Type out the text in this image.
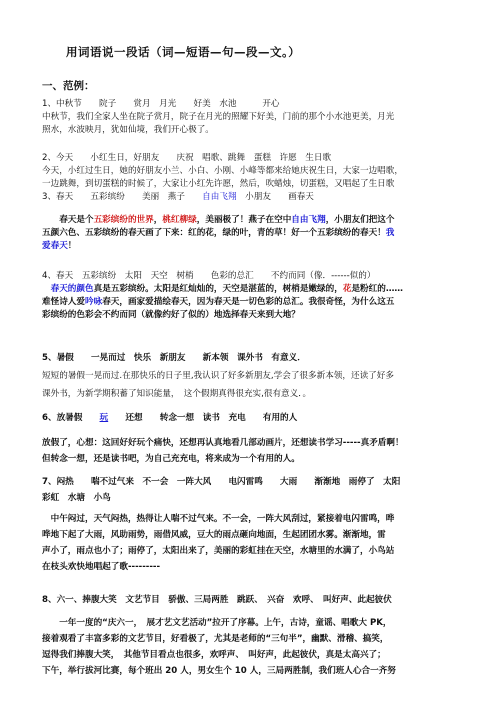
用词语说一段话（词—短语—句—段—文。）
一、范例：
1、中秋节　　院子　　赏月　月光　　好美　水池　　　开心
中秋节，我们全家人坐在院子赏月，院子在月光的照耀下好美，门前的那个小水池更美，月光
照水，水波映月，犹如仙境，我们开心极了。
2、今天　　小红生日，好朋友　　庆祝　唱歌、跳舞　蛋糕　许愿　生日歌
今天，小红过生日，她的好朋友小兰、小白、小刚、小峰等都来给她庆祝生日，大家一边唱歌，
一边跳舞，到切蛋糕的时候了，大家让小红先许愿，然后，吹蜡烛，切蛋糕，又唱起了生日歌
3、春天　　五彩缤纷　　美丽　燕子　　自由飞翔　小朋友　　画春天
　　春天是个五彩缤纷的世界，桃红柳绿，美丽极了！燕子在空中自由飞翔，小朋友们把这个
五颜六色、五彩缤纷的春天画了下来：红的花，绿的叶，青的草！好一个五彩缤纷的春天！我
爱春天！
4、春天　五彩缤纷　太阳　天空　树梢　　色彩的总汇　　不约而同（像．------似的）
　春天的颜色真是五彩缤纷。太阳是红灿灿的，天空是湛蓝的，树梢是嫩绿的，花是粉红的……
难怪诗人爱吟咏春天，画家爱描绘春天，因为春天是一切色彩的总汇。我很奇怪，为什么这五
彩缤纷的色彩会不约而同（就像约好了似的）地选择春天来到大地？
5、暑假　　一晃而过　快乐　新朋友　　新本领　课外书　有意义．
短短的暑假一晃而过.在那快乐的日子里,我认识了好多新朋友,学会了很多新本领，还读了好多
课外书，为新学期积蓄了知识能量，　这个假期真得很充实,很有意义．。
6、放暑假　　玩　　还想　　转念一想　读书　充电　　有用的人
放假了，心想：这回好好玩个痛快，还想再认真地看几部动画片，还想读书学习-----真矛盾啊！
但转念一想，还是读书吧，为自己充充电，将来成为一个有用的人。
7、闷热　　喘不过气来　不一会　一阵大风　　电闪雷鸣　　大雨　　渐渐地　雨停了　太阳
彩虹　水塘　小鸟
　中午闷过，天气闷热，热得让人喘不过气来。不一会，一阵大风刮过，紧接着电闪雷鸣，哗
哗地下起了大雨，风助雨势，雨借风威，豆大的雨点砸向地面，生起团团水雾。渐渐地，雷
声小了，雨点也小了；雨停了，太阳出来了，美丽的彩虹挂在天空，水塘里的水满了，小鸟站
在枝头欢快地唱起了歌---------
8、六一、捧腹大笑　文艺节目　骄傲、三局两胜　跳跃、　兴奋　欢呼、　叫好声、此起彼伏
　　一年一度的“庆六一，　展才艺文艺活动”拉开了序幕。上午，古诗，童谣、唱歌大 PK，
接着观看了丰富多彩的文艺节目，好看极了，尤其是老师的“三句半”，幽默、滑稽、搞笑，
逗得我们捧腹大笑，　其他节目看点也很多，欢呼声、　叫好声，此起彼伏，真是太高兴了；
下午，举行拔河比赛，每个班出 20 人，男女生个 10 人，三局两胜制，我们班人心合一齐努
